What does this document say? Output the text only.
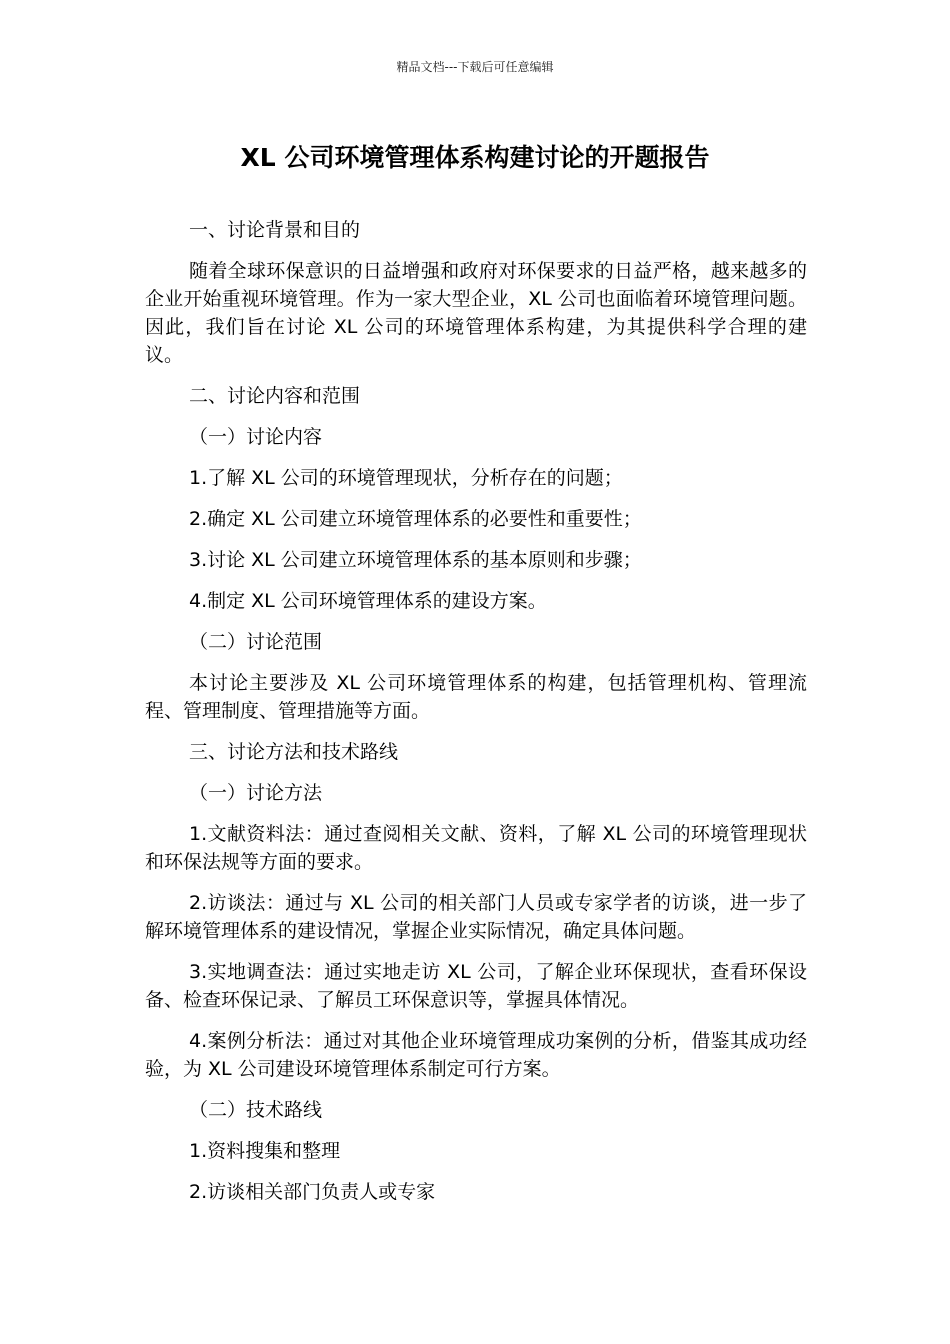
精品文档---下载后可任意编辑
XL 公司环境管理体系构建讨论的开题报告

一、讨论背景和目的

随着全球环保意识的日益增强和政府对环保要求的日益严格，越来越多的企业开始重视环境管理。作为一家大型企业，XL 公司也面临着环境管理问题。因此，我们旨在讨论 XL 公司的环境管理体系构建，为其提供科学合理的建议。

二、讨论内容和范围

（一）讨论内容

1.了解 XL 公司的环境管理现状，分析存在的问题；

2.确定 XL 公司建立环境管理体系的必要性和重要性；

3.讨论 XL 公司建立环境管理体系的基本原则和步骤；

4.制定 XL 公司环境管理体系的建设方案。

（二）讨论范围

本讨论主要涉及 XL 公司环境管理体系的构建，包括管理机构、管理流程、管理制度、管理措施等方面。

三、讨论方法和技术路线

（一）讨论方法

1.文献资料法：通过查阅相关文献、资料，了解 XL 公司的环境管理现状和环保法规等方面的要求。

2.访谈法：通过与 XL 公司的相关部门人员或专家学者的访谈，进一步了解环境管理体系的建设情况，掌握企业实际情况，确定具体问题。

3.实地调查法：通过实地走访 XL 公司，了解企业环保现状，查看环保设备、检查环保记录、了解员工环保意识等，掌握具体情况。

4.案例分析法：通过对其他企业环境管理成功案例的分析，借鉴其成功经验，为 XL 公司建设环境管理体系制定可行方案。

（二）技术路线

1.资料搜集和整理

2.访谈相关部门负责人或专家
